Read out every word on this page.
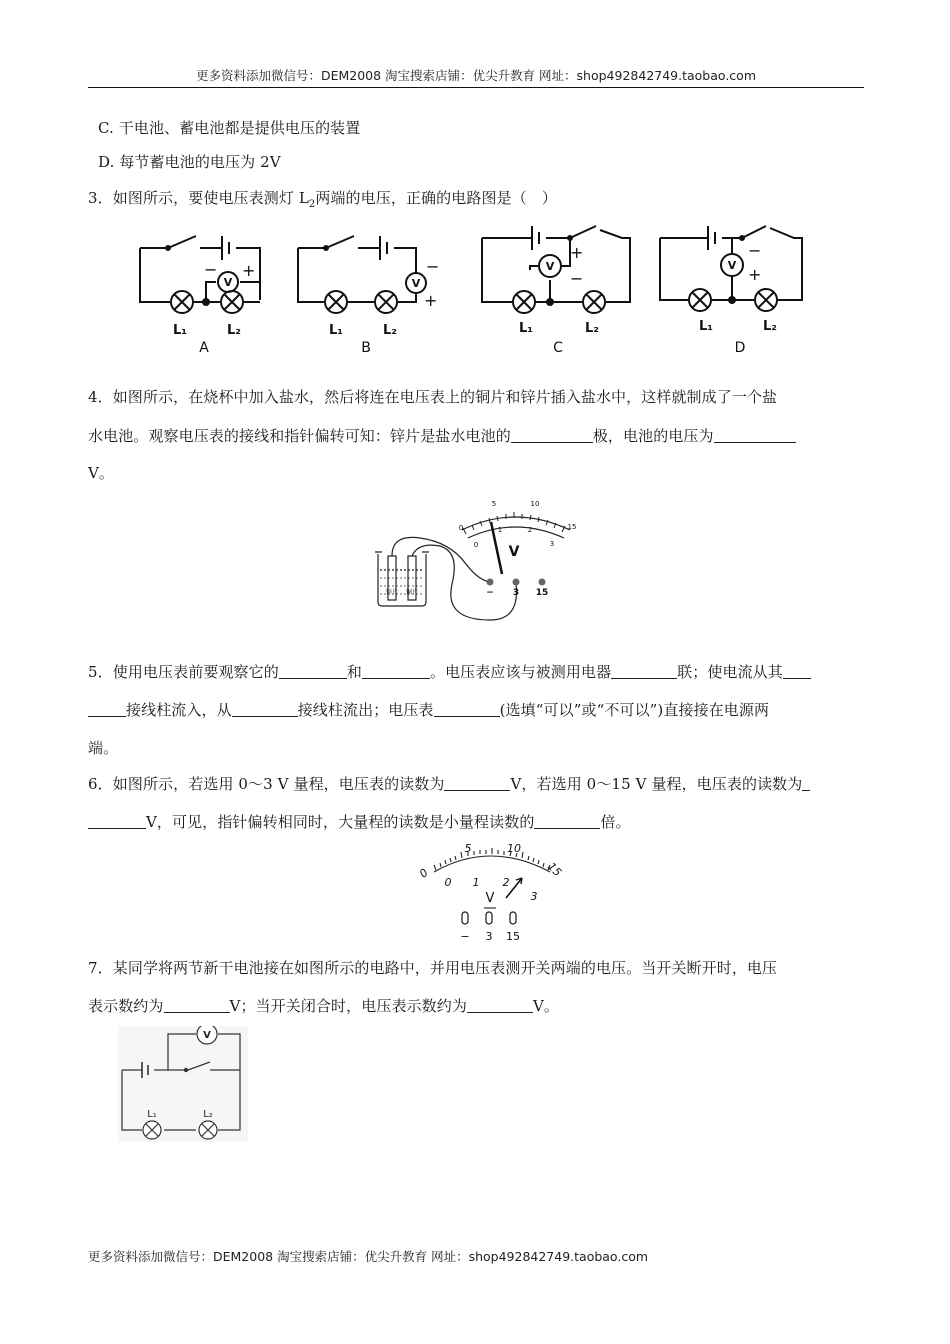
更多资料添加微信号：DEM2008 淘宝搜索店铺：优尖升教育 网址：shop492842749.taobao.com
C. 干电池、蓄电池都是提供电压的装置
D. 每节蓄电池的电压为 2V
3．如图所示，要使电压表测灯 $L_2$两端的电压，正确的电路图是（　）
V	V
V	V
− +	−
+
+
−
−
+
L₁	L₂	L₁	L₂	L₁	L₂	L₁	L₂
A	B	C	D
4．如图所示，在烧杯中加入盐水，然后将连在电压表上的铜片和锌片插入盐水中，这样就制成了一个盐
水电池。观察电压表的接线和指针偏转可知：锌片是盐水电池的	极，电池的电压为
V。
5	10
15
0
0
1	2
3
锌片 铜片
V
− 3 15
5．使用电压表前要观察它的	和	。电压表应该与被测用电器	联；使电流从其
接线柱流入，从	接线柱流出；电压表	(选填“可以”或“不可以”)直接接在电源两
端。
6．如图所示，若选用 0～3 V 量程，电压表的读数为	V，若选用 0～15 V 量程，电压表的读数为
V，可见，指针偏转相同时，大量程的读数是小量程读数的	倍。
0
5	10
15
0 1 2
3
V
− 3 15
7．某同学将两节新干电池接在如图所示的电路中，并用电压表测开关两端的电压。当开关断开时，电压
表示数约为	V；当开关闭合时，电压表示数约为	V。
V
L₁	L₂
更多资料添加微信号：DEM2008 淘宝搜索店铺：优尖升教育 网址：shop492842749.taobao.com
